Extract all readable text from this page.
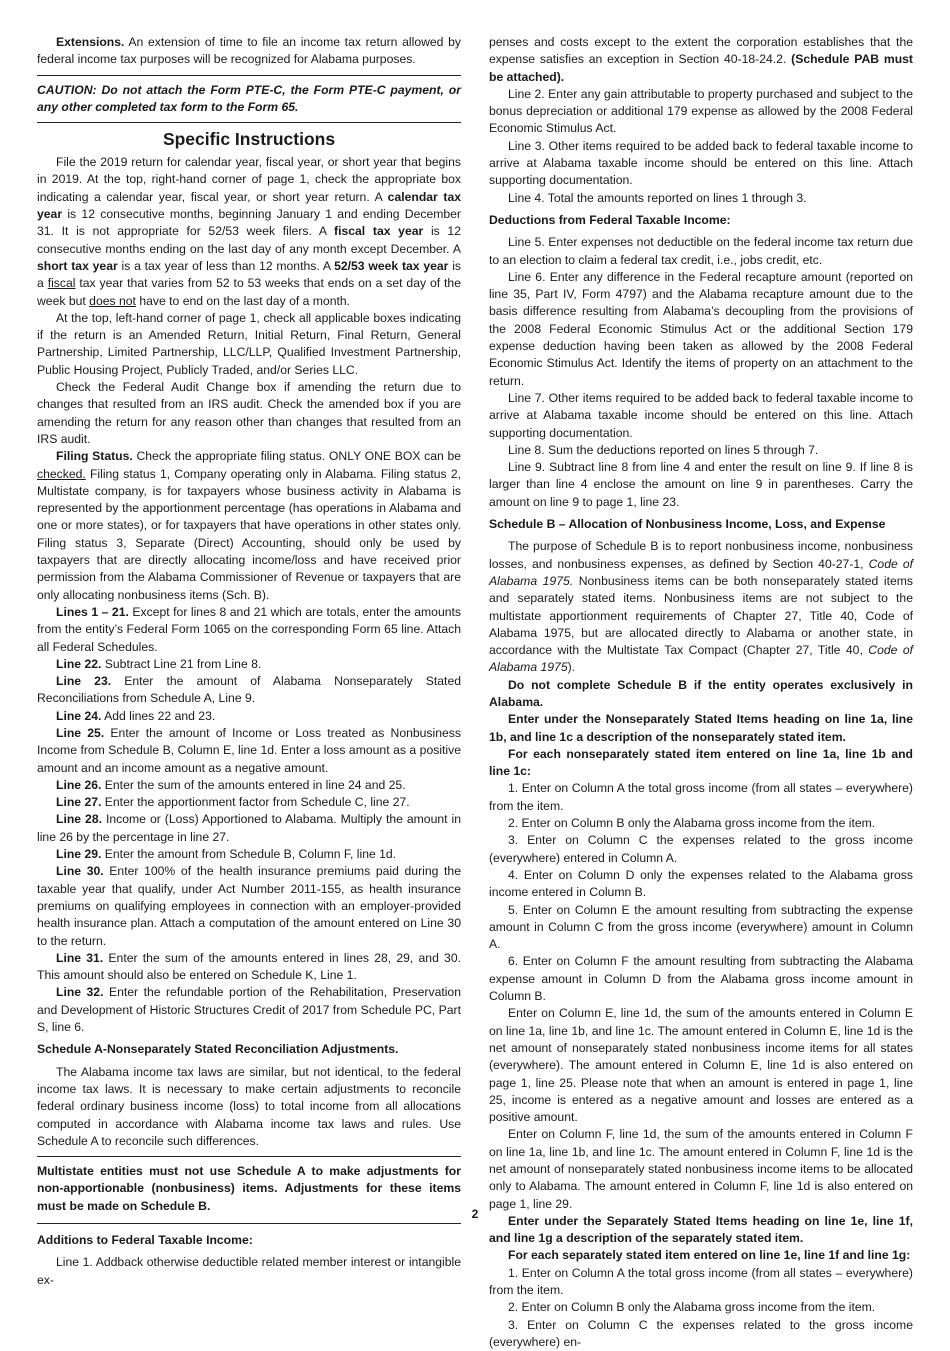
Extensions. An extension of time to file an income tax return allowed by federal income tax purposes will be recognized for Alabama purposes.

CAUTION: Do not attach the Form PTE-C, the Form PTE-C payment, or any other completed tax form to the Form 65.

Specific Instructions

File the 2019 return for calendar year, fiscal year, or short year that begins in 2019. At the top, right-hand corner of page 1, check the appropriate box indicating a calendar year, fiscal year, or short year return. A calendar tax year is 12 consecutive months, beginning January 1 and ending December 31. It is not appropriate for 52/53 week filers. A fiscal tax year is 12 consecutive months ending on the last day of any month except December. A short tax year is a tax year of less than 12 months. A 52/53 week tax year is a fiscal tax year that varies from 52 to 53 weeks that ends on a set day of the week but does not have to end on the last day of a month.

At the top, left-hand corner of page 1, check all applicable boxes indicating if the return is an Amended Return, Initial Return, Final Return, General Partnership, Limited Partnership, LLC/LLP, Qualified Investment Partnership, Public Housing Project, Publicly Traded, and/or Series LLC.

Check the Federal Audit Change box if amending the return due to changes that resulted from an IRS audit. Check the amended box if you are amending the return for any reason other than changes that resulted from an IRS audit.

Filing Status. Check the appropriate filing status. ONLY ONE BOX can be checked. Filing status 1, Company operating only in Alabama. Filing status 2, Multistate company, is for taxpayers whose business activity in Alabama is represented by the apportionment percentage (has operations in Alabama and one or more states), or for taxpayers that have operations in other states only. Filing status 3, Separate (Direct) Accounting, should only be used by taxpayers that are directly allocating income/loss and have received prior permission from the Alabama Commissioner of Revenue or taxpayers that are only allocating nonbusiness items (Sch. B).

Lines 1 – 21. Except for lines 8 and 21 which are totals, enter the amounts from the entity’s Federal Form 1065 on the corresponding Form 65 line. Attach all Federal Schedules.

Line 22. Subtract Line 21 from Line 8.

Line 23. Enter the amount of Alabama Nonseparately Stated Reconciliations from Schedule A, Line 9.

Line 24. Add lines 22 and 23.

Line 25. Enter the amount of Income or Loss treated as Nonbusiness Income from Schedule B, Column E, line 1d. Enter a loss amount as a positive amount and an income amount as a negative amount.

Line 26. Enter the sum of the amounts entered in line 24 and 25.

Line 27. Enter the apportionment factor from Schedule C, line 27.

Line 28. Income or (Loss) Apportioned to Alabama. Multiply the amount in line 26 by the percentage in line 27.

Line 29. Enter the amount from Schedule B, Column F, line 1d.

Line 30. Enter 100% of the health insurance premiums paid during the taxable year that qualify, under Act Number 2011-155, as health insurance premiums on qualifying employees in connection with an employer-provided health insurance plan. Attach a computation of the amount entered on Line 30 to the return.

Line 31. Enter the sum of the amounts entered in lines 28, 29, and 30. This amount should also be entered on Schedule K, Line 1.

Line 32. Enter the refundable portion of the Rehabilitation, Preservation and Development of Historic Structures Credit of 2017 from Schedule PC, Part S, line 6.

Schedule A-Nonseparately Stated Reconciliation Adjustments.

The Alabama income tax laws are similar, but not identical, to the federal income tax laws. It is necessary to make certain adjustments to reconcile federal ordinary business income (loss) to total income from all allocations computed in accordance with Alabama income tax laws and rules. Use Schedule A to reconcile such differences.

Multistate entities must not use Schedule A to make adjustments for non-apportionable (nonbusiness) items. Adjustments for these items must be made on Schedule B.

Additions to Federal Taxable Income:

Line 1. Addback otherwise deductible related member interest or intangible ex-

penses and costs except to the extent the corporation establishes that the expense satisfies an exception in Section 40-18-24.2. (Schedule PAB must be attached).

Line 2. Enter any gain attributable to property purchased and subject to the bonus depreciation or additional 179 expense as allowed by the 2008 Federal Economic Stimulus Act.

Line 3. Other items required to be added back to federal taxable income to arrive at Alabama taxable income should be entered on this line. Attach supporting documentation.

Line 4. Total the amounts reported on lines 1 through 3.

Deductions from Federal Taxable Income:

Line 5. Enter expenses not deductible on the federal income tax return due to an election to claim a federal tax credit, i.e., jobs credit, etc.

Line 6. Enter any difference in the Federal recapture amount (reported on line 35, Part IV, Form 4797) and the Alabama recapture amount due to the basis difference resulting from Alabama’s decoupling from the provisions of the 2008 Federal Economic Stimulus Act or the additional Section 179 expense deduction having been taken as allowed by the 2008 Federal Economic Stimulus Act. Identify the items of property on an attachment to the return.

Line 7. Other items required to be added back to federal taxable income to arrive at Alabama taxable income should be entered on this line. Attach supporting documentation.

Line 8. Sum the deductions reported on lines 5 through 7.

Line 9. Subtract line 8 from line 4 and enter the result on line 9. If line 8 is larger than line 4 enclose the amount on line 9 in parentheses. Carry the amount on line 9 to page 1, line 23.

Schedule B – Allocation of Nonbusiness Income, Loss, and Expense

The purpose of Schedule B is to report nonbusiness income, nonbusiness losses, and nonbusiness expenses, as defined by Section 40-27-1, Code of Alabama 1975. Nonbusiness items can be both nonseparately stated items and separately stated items. Nonbusiness items are not subject to the multistate apportionment requirements of Chapter 27, Title 40, Code of Alabama 1975, but are allocated directly to Alabama or another state, in accordance with the Multistate Tax Compact (Chapter 27, Title 40, Code of Alabama 1975).

Do not complete Schedule B if the entity operates exclusively in Alabama.

Enter under the Nonseparately Stated Items heading on line 1a, line 1b, and line 1c a description of the nonseparately stated item.

For each nonseparately stated item entered on line 1a, line 1b and line 1c:

1. Enter on Column A the total gross income (from all states – everywhere) from the item.

2. Enter on Column B only the Alabama gross income from the item.

3. Enter on Column C the expenses related to the gross income (everywhere) entered in Column A.

4. Enter on Column D only the expenses related to the Alabama gross income entered in Column B.

5. Enter on Column E the amount resulting from subtracting the expense amount in Column C from the gross income (everywhere) amount in Column A.

6. Enter on Column F the amount resulting from subtracting the Alabama expense amount in Column D from the Alabama gross income amount in Column B.

Enter on Column E, line 1d, the sum of the amounts entered in Column E on line 1a, line 1b, and line 1c. The amount entered in Column E, line 1d is the net amount of nonseparately stated nonbusiness income items for all states (everywhere). The amount entered in Column E, line 1d is also entered on page 1, line 25. Please note that when an amount is entered in page 1, line 25, income is entered as a negative amount and losses are entered as a positive amount.

Enter on Column F, line 1d, the sum of the amounts entered in Column F on line 1a, line 1b, and line 1c. The amount entered in Column F, line 1d is the net amount of nonseparately stated nonbusiness income items to be allocated only to Alabama. The amount entered in Column F, line 1d is also entered on page 1, line 29.

Enter under the Separately Stated Items heading on line 1e, line 1f, and line 1g a description of the separately stated item.

For each separately stated item entered on line 1e, line 1f and line 1g:

1. Enter on Column A the total gross income (from all states – everywhere) from the item.

2. Enter on Column B only the Alabama gross income from the item.

3. Enter on Column C the expenses related to the gross income (everywhere) en-

2
